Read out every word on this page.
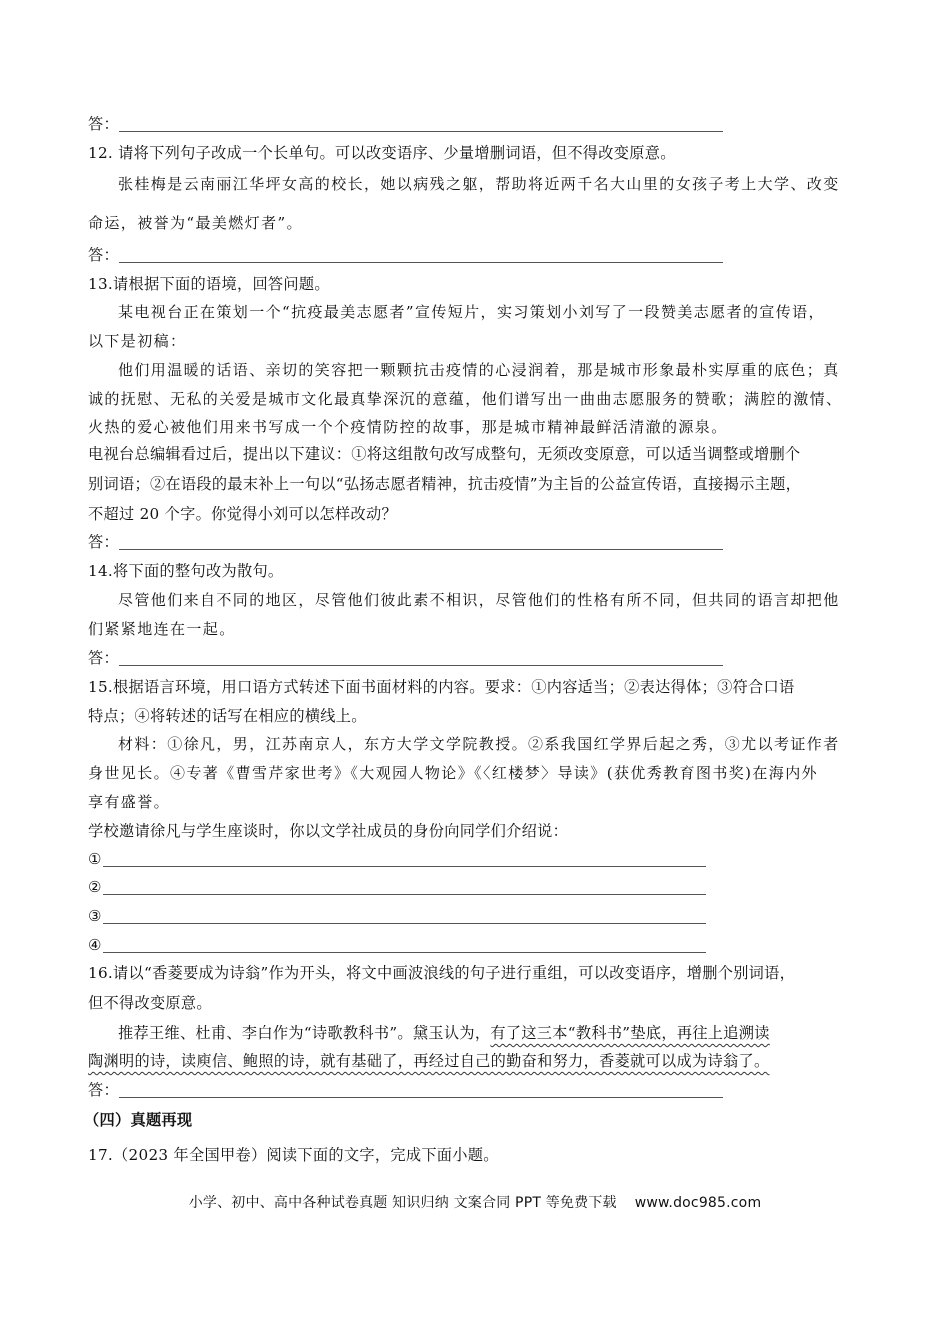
答：
12. 请将下列句子改成一个长单句。可以改变语序、少量增删词语，但不得改变原意。
张桂梅是云南丽江华坪女高的校长，她以病残之躯，帮助将近两千名大山里的女孩子考上大学、改变
命运，被誉为“最美燃灯者”。
答：
13.请根据下面的语境，回答问题。
某电视台正在策划一个“抗疫最美志愿者”宣传短片，实习策划小刘写了一段赞美志愿者的宣传语，
以下是初稿：
他们用温暖的话语、亲切的笑容把一颗颗抗击疫情的心浸润着，那是城市形象最朴实厚重的底色；真
诚的抚慰、无私的关爱是城市文化最真挚深沉的意蕴，他们谱写出一曲曲志愿服务的赞歌；满腔的激情、
火热的爱心被他们用来书写成一个个疫情防控的故事，那是城市精神最鲜活清澈的源泉。
电视台总编辑看过后，提出以下建议：①将这组散句改写成整句，无须改变原意，可以适当调整或增删个
别词语；②在语段的最末补上一句以“弘扬志愿者精神，抗击疫情”为主旨的公益宣传语，直接揭示主题，
不超过 20 个字。你觉得小刘可以怎样改动？
答：
14.将下面的整句改为散句。
尽管他们来自不同的地区，尽管他们彼此素不相识，尽管他们的性格有所不同，但共同的语言却把他
们紧紧地连在一起。
答：
15.根据语言环境，用口语方式转述下面书面材料的内容。要求：①内容适当；②表达得体；③符合口语
特点；④将转述的话写在相应的横线上。
材料：①徐凡，男，江苏南京人，东方大学文学院教授。②系我国红学界后起之秀，③尤以考证作者
身世见长。④专著《曹雪芹家世考》《大观园人物论》《〈红楼梦〉导读》(获优秀教育图书奖)在海内外
享有盛誉。
学校邀请徐凡与学生座谈时，你以文学社成员的身份向同学们介绍说：
①
②
③
④
16.请以“香菱要成为诗翁”作为开头，将文中画波浪线的句子进行重组，可以改变语序，增删个别词语，
但不得改变原意。
推荐王维、杜甫、李白作为“诗歌教科书”。黛玉认为，有了这三本“教科书”垫底，再往上追溯读
陶渊明的诗，读庾信、鲍照的诗，就有基础了，再经过自己的勤奋和努力，香菱就可以成为诗翁了。
答：
（四）真题再现
17.（2023 年全国甲卷）阅读下面的文字，完成下面小题。
小学、初中、高中各种试卷真题 知识归纳 文案合同 PPT 等免费下载 www.doc985.com
